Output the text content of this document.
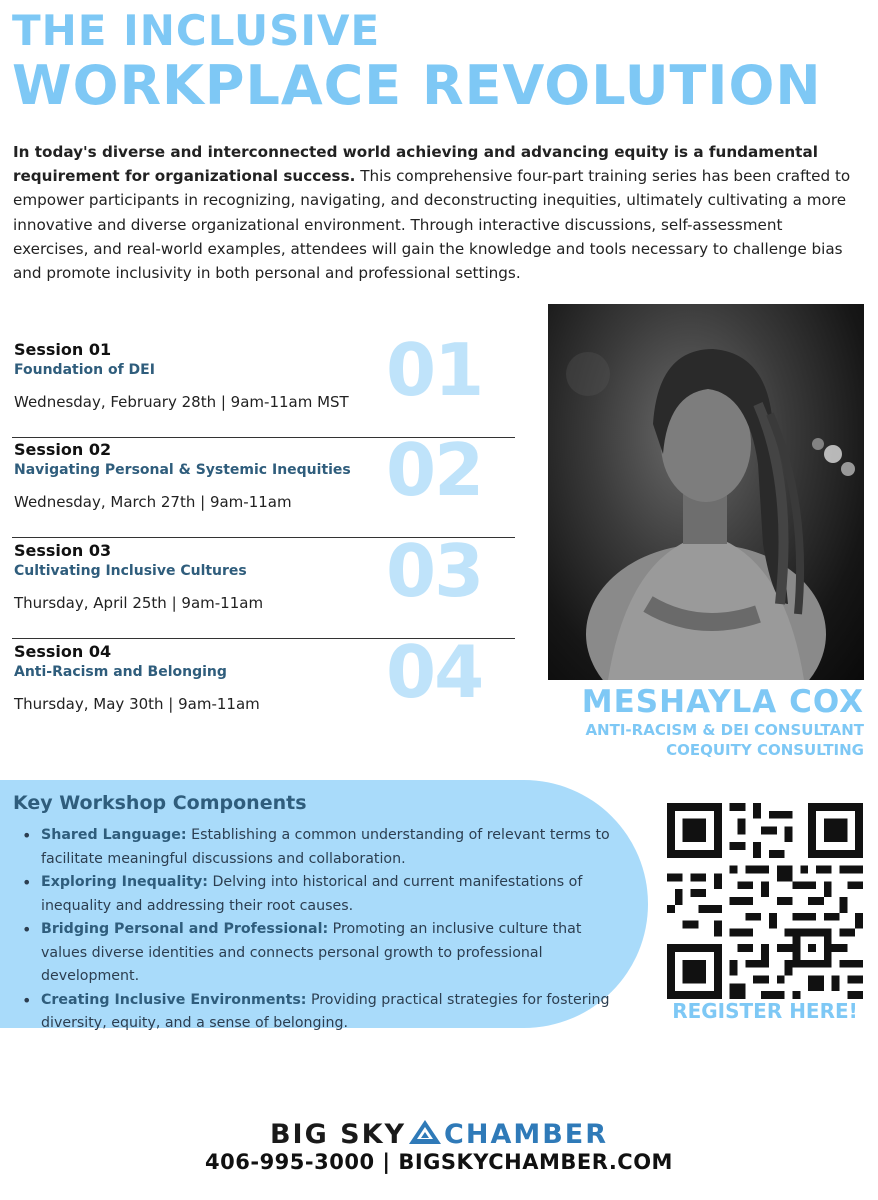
THE INCLUSIVE
WORKPLACE REVOLUTION

In today's diverse and interconnected world achieving and advancing equity is a fundamental requirement for organizational success. This comprehensive four-part training series has been crafted to empower participants in recognizing, navigating, and deconstructing inequities, ultimately cultivating a more innovative and diverse organizational environment. Through interactive discussions, self-assessment exercises, and real-world examples, attendees will gain the knowledge and tools necessary to challenge bias and promote inclusivity in both personal and professional settings.

Session 01
Foundation of DEI
Wednesday, February 28th | 9am-11am MST 01
Session 02
Navigating Personal & Systemic Inequities
Wednesday, March 27th | 9am-11am 02
Session 03
Cultivating Inclusive Cultures
Thursday, April 25th | 9am-11am 03
Session 04
Anti-Racism and Belonging
Thursday, May 30th | 9am-11am 04	MESHAYLA COX
ANTI-RACISM & DEI CONSULTANT
COEQUITY CONSULTING
Key Workshop Components
• Shared Language: Establishing a common understanding of relevant terms to facilitate meaningful discussions and collaboration.
• Exploring Inequality: Delving into historical and current manifestations of inequality and addressing their root causes.
• Bridging Personal and Professional: Promoting an inclusive culture that values diverse identities and connects personal growth to professional development.
• Creating Inclusive Environments: Providing practical strategies for fostering diversity, equity, and a sense of belonging.	REGISTER HERE!
BIG SKY CHAMBER
406-995-3000 | BIGSKYCHAMBER.COM
